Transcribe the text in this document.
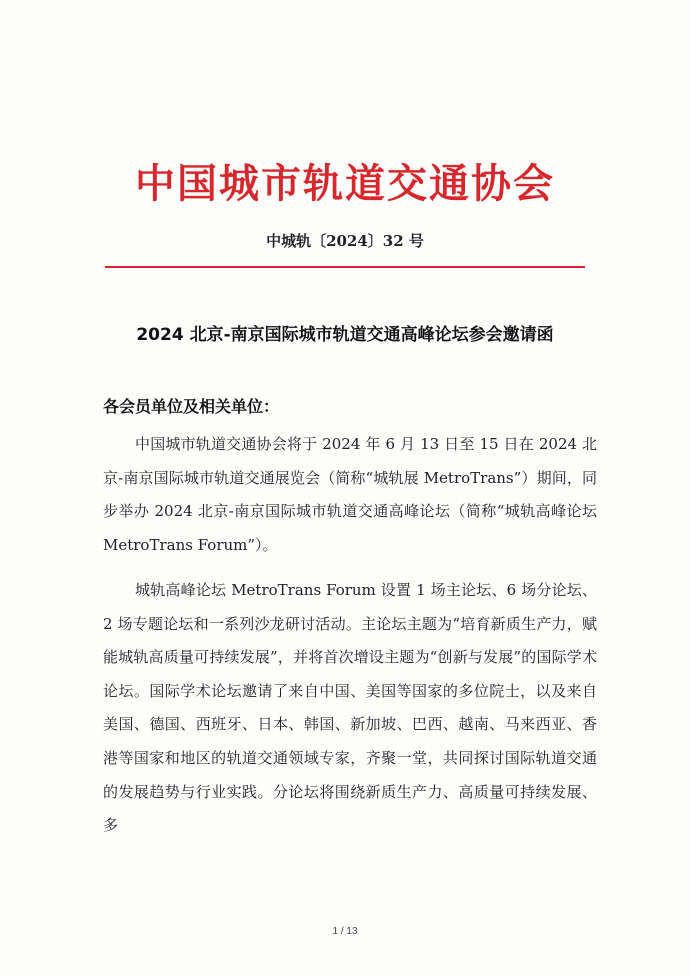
中国城市轨道交通协会
中城轨〔2024〕32 号
2024 北京-南京国际城市轨道交通高峰论坛参会邀请函
各会员单位及相关单位：
中国城市轨道交通协会将于 2024 年 6 月 13 日至 15 日在 2024 北京-南京国际城市轨道交通展览会（简称“城轨展 MetroTrans”）期间，同步举办 2024 北京-南京国际城市轨道交通高峰论坛（简称“城轨高峰论坛 MetroTrans Forum”）。
城轨高峰论坛 MetroTrans Forum 设置 1 场主论坛、6 场分论坛、2 场专题论坛和一系列沙龙研讨活动。主论坛主题为“培育新质生产力，赋能城轨高质量可持续发展”，并将首次增设主题为“创新与发展”的国际学术论坛。国际学术论坛邀请了来自中国、美国等国家的多位院士，以及来自美国、德国、西班牙、日本、韩国、新加坡、巴西、越南、马来西亚、香港等国家和地区的轨道交通领域专家，齐聚一堂，共同探讨国际轨道交通的发展趋势与行业实践。分论坛将围绕新质生产力、高质量可持续发展、多
1 / 13
